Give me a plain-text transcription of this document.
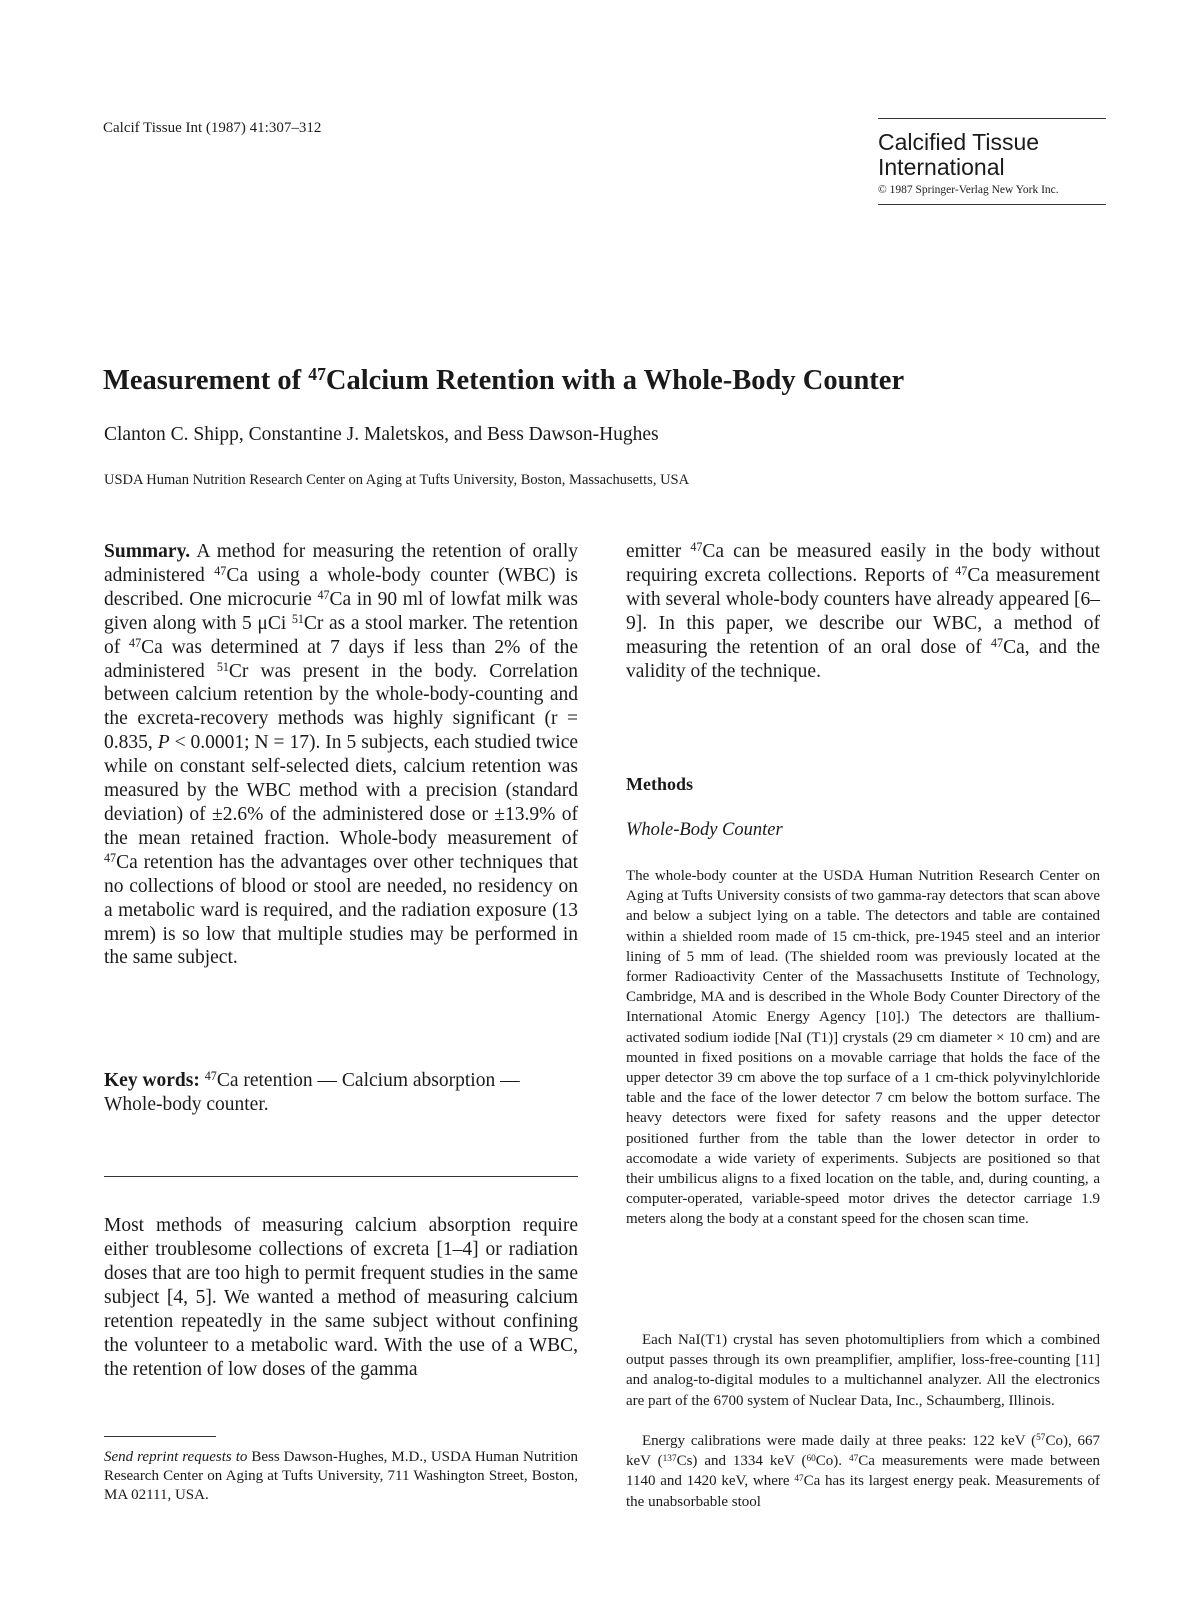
Calcif Tissue Int (1987) 41:307–312
Calcified Tissue International
© 1987 Springer-Verlag New York Inc.
Measurement of $^{47}$Calcium Retention with a Whole-Body Counter
Clanton C. Shipp, Constantine J. Maletskos, and Bess Dawson-Hughes
USDA Human Nutrition Research Center on Aging at Tufts University, Boston, Massachusetts, USA
Summary. A method for measuring the retention of orally administered $^{47}$Ca using a whole-body counter (WBC) is described. One microcurie $^{47}$Ca in 90 ml of lowfat milk was given along with 5 μCi $^{51}$Cr as a stool marker. The retention of $^{47}$Ca was determined at 7 days if less than 2% of the administered $^{51}$Cr was present in the body. Correlation between calcium retention by the whole-body-counting and the excreta-recovery methods was highly significant (r = 0.835, P < 0.0001; N = 17). In 5 subjects, each studied twice while on constant self-selected diets, calcium retention was measured by the WBC method with a precision (standard deviation) of ±2.6% of the administered dose or ±13.9% of the mean retained fraction. Whole-body measurement of $^{47}$Ca retention has the advantages over other techniques that no collections of blood or stool are needed, no residency on a metabolic ward is required, and the radiation exposure (13 mrem) is so low that multiple studies may be performed in the same subject.
Key words: $^{47}$Ca retention — Calcium absorption — Whole-body counter.
Most methods of measuring calcium absorption require either troublesome collections of excreta [1–4] or radiation doses that are too high to permit frequent studies in the same subject [4, 5]. We wanted a method of measuring calcium retention repeatedly in the same subject without confining the volunteer to a metabolic ward. With the use of a WBC, the retention of low doses of the gamma
Send reprint requests to Bess Dawson-Hughes, M.D., USDA Human Nutrition Research Center on Aging at Tufts University, 711 Washington Street, Boston, MA 02111, USA.
emitter $^{47}$Ca can be measured easily in the body without requiring excreta collections. Reports of $^{47}$Ca measurement with several whole-body counters have already appeared [6–9]. In this paper, we describe our WBC, a method of measuring the retention of an oral dose of $^{47}$Ca, and the validity of the technique.
Methods
Whole-Body Counter
The whole-body counter at the USDA Human Nutrition Research Center on Aging at Tufts University consists of two gamma-ray detectors that scan above and below a subject lying on a table. The detectors and table are contained within a shielded room made of 15 cm-thick, pre-1945 steel and an interior lining of 5 mm of lead. (The shielded room was previously located at the former Radioactivity Center of the Massachusetts Institute of Technology, Cambridge, MA and is described in the Whole Body Counter Directory of the International Atomic Energy Agency [10].) The detectors are thallium-activated sodium iodide [NaI (T1)] crystals (29 cm diameter × 10 cm) and are mounted in fixed positions on a movable carriage that holds the face of the upper detector 39 cm above the top surface of a 1 cm-thick polyvinylchloride table and the face of the lower detector 7 cm below the bottom surface. The heavy detectors were fixed for safety reasons and the upper detector positioned further from the table than the lower detector in order to accomodate a wide variety of experiments. Subjects are positioned so that their umbilicus aligns to a fixed location on the table, and, during counting, a computer-operated, variable-speed motor drives the detector carriage 1.9 meters along the body at a constant speed for the chosen scan time.
Each NaI(T1) crystal has seven photomultipliers from which a combined output passes through its own preamplifier, amplifier, loss-free-counting [11] and analog-to-digital modules to a multichannel analyzer. All the electronics are part of the 6700 system of Nuclear Data, Inc., Schaumberg, Illinois.
Energy calibrations were made daily at three peaks: 122 keV ($^{57}$Co), 667 keV ($^{137}$Cs) and 1334 keV ($^{60}$Co). $^{47}$Ca measurements were made between 1140 and 1420 keV, where $^{47}$Ca has its largest energy peak. Measurements of the unabsorbable stool
